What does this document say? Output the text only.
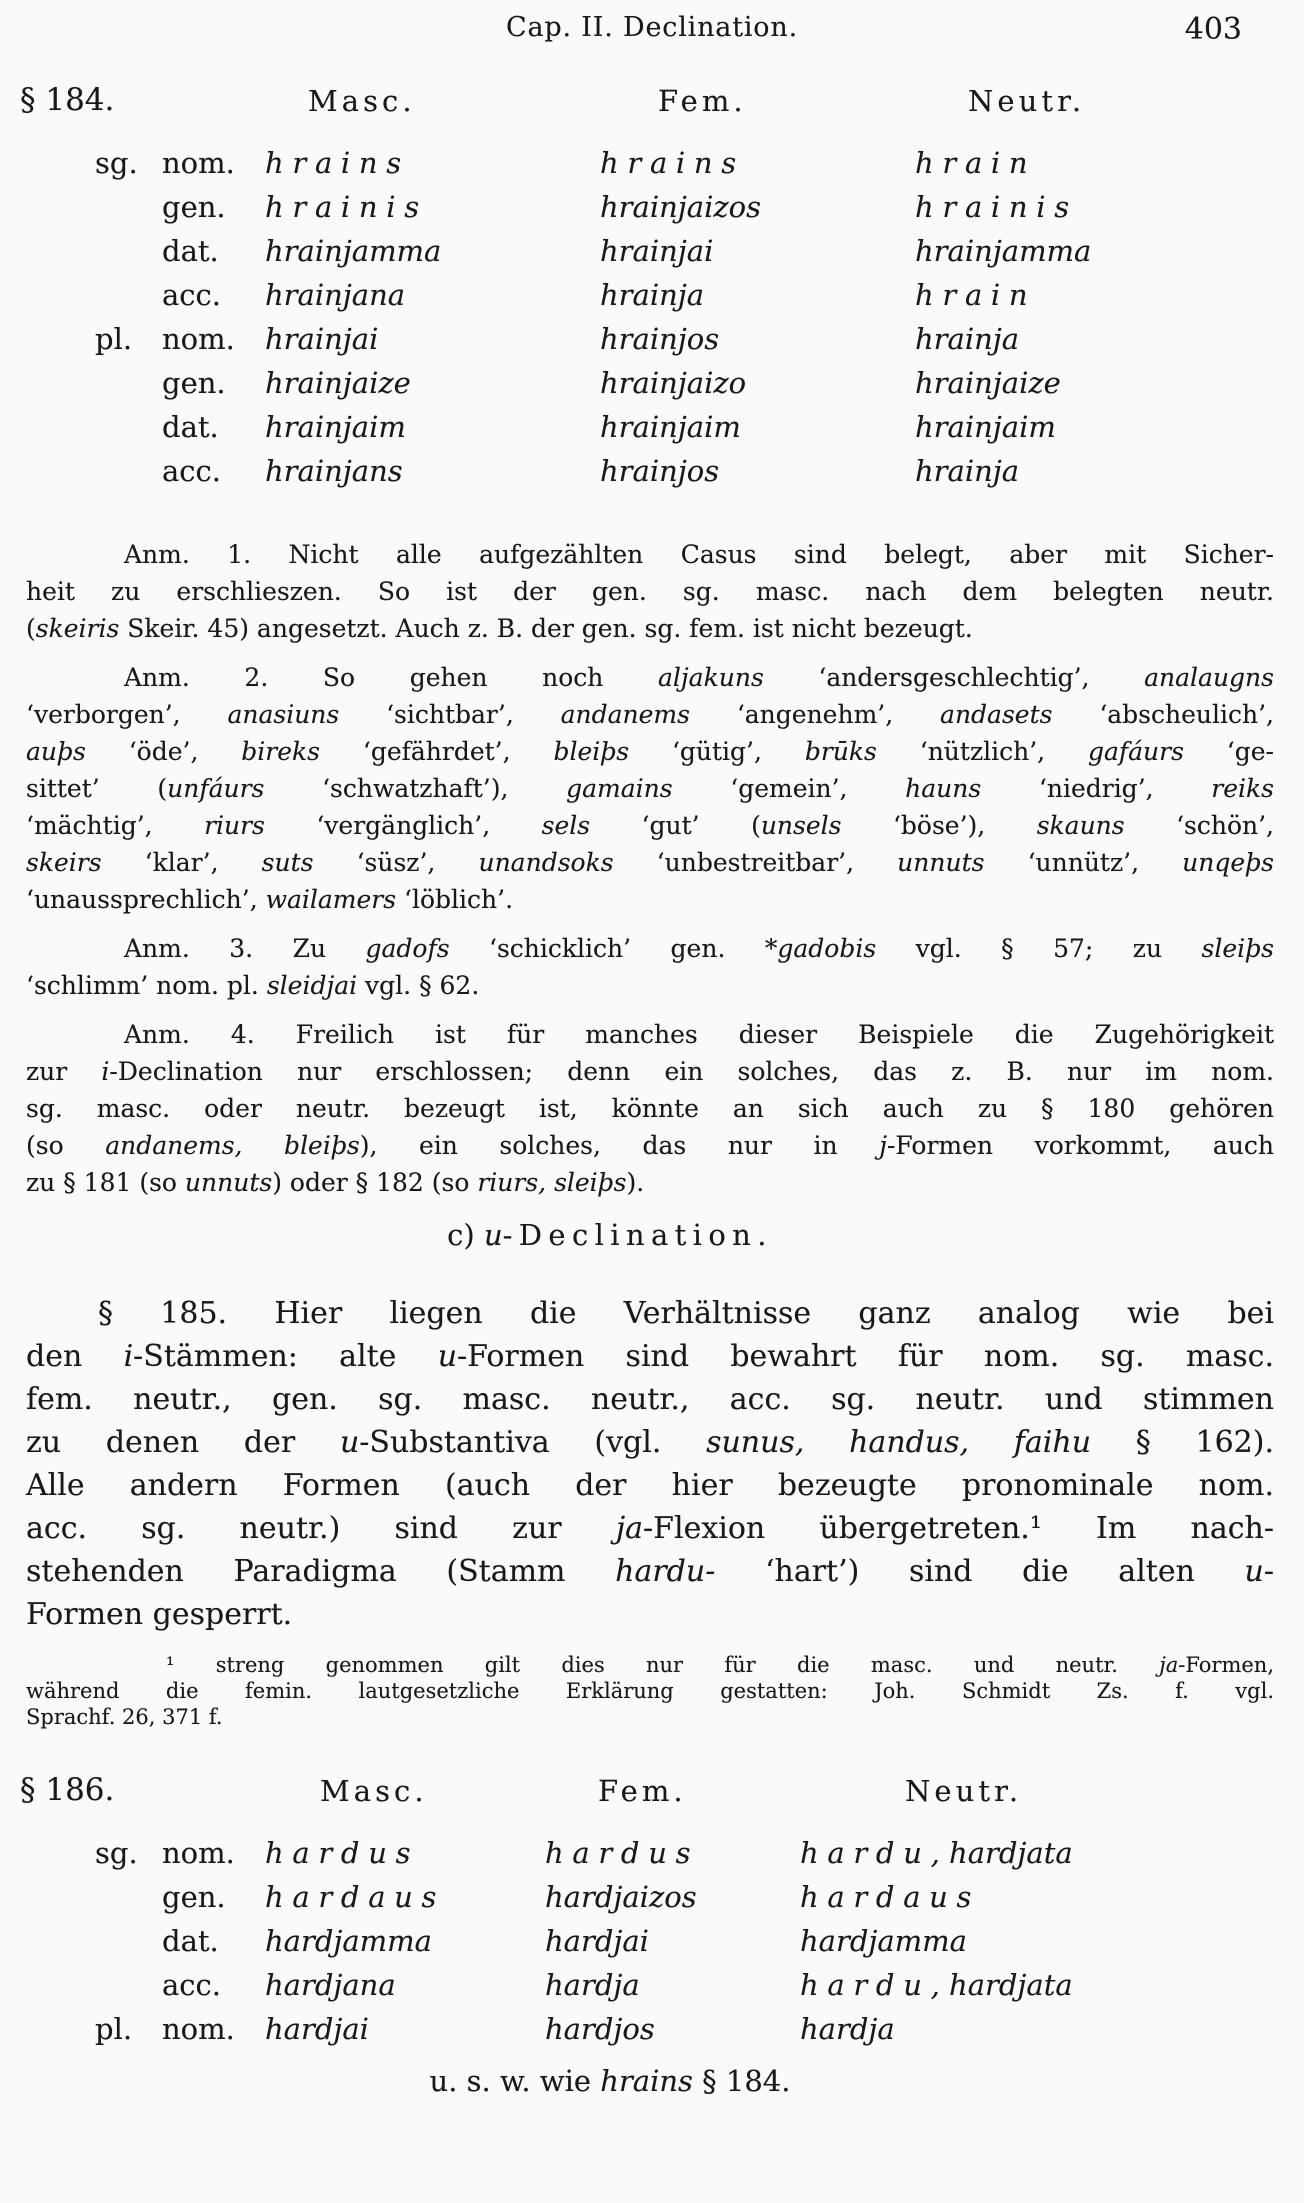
Cap. II. Declination.	403
§ 184.	Masc.	Fem.	Neutr.
sg. nom. hrains	hrains	hrain
gen. hrainis	hrainjaizos	hrainis
dat. hrainjamma	hrainjai	hrainjamma
acc. hrainjana	hrainja	hrain
pl. nom. hrainjai	hrainjos	hrainja
gen. hrainjaize	hrainjaizo	hrainjaize
dat. hrainjaim	hrainjaim	hrainjaim
acc. hrainjans	hrainjos	hrainja
Anm. 1. Nicht alle aufgezählten Casus sind belegt, aber mit Sicher-
heit zu erschlieszen. So ist der gen. sg. masc. nach dem belegten neutr.
(skeiris Skeir. 45) angesetzt. Auch z. B. der gen. sg. fem. ist nicht bezeugt.
Anm. 2. So gehen noch aljakuns ‘andersgeschlechtig’, analaugns
‘verborgen’, anasiuns ‘sichtbar’, andanems ‘angenehm’, andasets ‘abscheulich’,
auþs ‘öde’, bireks ‘gefährdet’, bleiþs ‘gütig’, brūks ‘nützlich’, gafáurs ‘ge-
sittet’ (unfáurs ‘schwatzhaft’), gamains ‘gemein’, hauns ‘niedrig’, reiks
‘mächtig’, riurs ‘vergänglich’, sels ‘gut’ (unsels ‘böse’), skauns ‘schön’,
skeirs ‘klar’, suts ‘süsz’, unandsoks ‘unbestreitbar’, unnuts ‘unnütz’, unqeþs
‘unaussprechlich’, wailamers ‘löblich’.
Anm. 3. Zu gadofs ‘schicklich’ gen. *gadobis vgl. § 57; zu sleiþs
‘schlimm’ nom. pl. sleidjai vgl. § 62.
Anm. 4. Freilich ist für manches dieser Beispiele die Zugehörigkeit
zur i-Declination nur erschlossen; denn ein solches, das z. B. nur im nom.
sg. masc. oder neutr. bezeugt ist, könnte an sich auch zu § 180 gehören
(so andanems, bleiþs), ein solches, das nur in j-Formen vorkommt, auch
zu § 181 (so unnuts) oder § 182 (so riurs, sleiþs).
c) u-Declination.
§ 185. Hier liegen die Verhältnisse ganz analog wie bei
den i-Stämmen: alte u-Formen sind bewahrt für nom. sg. masc.
fem. neutr., gen. sg. masc. neutr., acc. sg. neutr. und stimmen
zu denen der u-Substantiva (vgl. sunus, handus, faihu § 162).
Alle andern Formen (auch der hier bezeugte pronominale nom.
acc. sg. neutr.) sind zur ja-Flexion übergetreten.¹ Im nach-
stehenden Paradigma (Stamm hardu- ‘hart’) sind die alten u-
Formen gesperrt.
¹ streng genommen gilt dies nur für die masc. und neutr. ja-Formen,
während die femin. lautgesetzliche Erklärung gestatten: Joh. Schmidt Zs. f. vgl.
Sprachf. 26, 371 f.
§ 186.	Masc.	Fem.	Neutr.
sg. nom. hardus	hardus	hardu, hardjata
gen. hardaus	hardjaizos	hardaus
dat. hardjamma	hardjai	hardjamma
acc. hardjana	hardja	hardu, hardjata
pl. nom. hardjai	hardjos	hardja
u. s. w. wie hrains § 184.
